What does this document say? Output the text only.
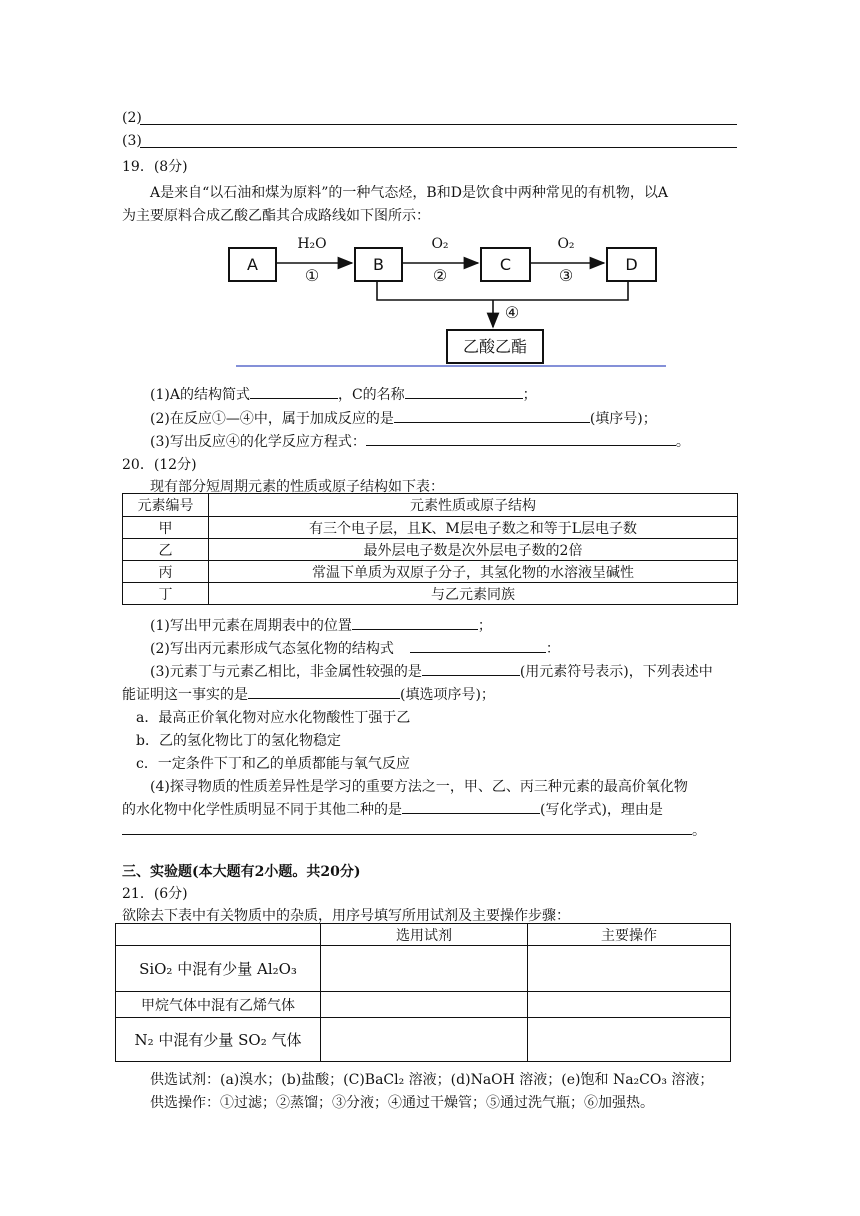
(2)
(3)
19．(8分)
A是来自“以石油和煤为原料”的一种气态烃，B和D是饮食中两种常见的有机物，以A
为主要原料合成乙酸乙酯其合成路线如下图所示：
A	B	C	D
乙酸乙酯
H₂O
①
O₂
②
O₂
③
④
(1)A的结构简式	，C的名称	；
(2)在反应①—④中，属于加成反应的是	(填序号)；
(3)写出反应④的化学反应方程式：	。
20．(12分)
现有部分短周期元素的性质或原子结构如下表：
元素编号	元素性质或原子结构
甲	有三个电子层，且K、M层电子数之和等于L层电子数
乙	最外层电子数是次外层电子数的2倍
丙	常温下单质为双原子分子，其氢化物的水溶液呈碱性
丁	与乙元素同族
(1)写出甲元素在周期表中的位置	；
(2)写出丙元素形成气态氢化物的结构式	：
(3)元素丁与元素乙相比，非金属性较强的是	(用元素符号表示)，下列表述中
能证明这一事实的是	(填选项序号)；
a．最高正价氧化物对应水化物酸性丁强于乙
b．乙的氢化物比丁的氢化物稳定
c．一定条件下丁和乙的单质都能与氧气反应
(4)探寻物质的性质差异性是学习的重要方法之一，甲、乙、丙三种元素的最高价氧化物
的水化物中化学性质明显不同于其他二种的是	(写化学式)，理由是
。
三、实验题(本大题有2小题。共20分)
21．(6分)
欲除去下表中有关物质中的杂质，用序号填写所用试剂及主要操作步骤：
	选用试剂	主要操作
SiO₂ 中混有少量 Al₂O₃		
甲烷气体中混有乙烯气体		
N₂ 中混有少量 SO₂ 气体		
供选试剂：(a)溴水；(b)盐酸；(C)BaCl₂ 溶液；(d)NaOH 溶液；(e)饱和 Na₂CO₃ 溶液；
供选操作：①过滤；②蒸馏；③分液；④通过干燥管；⑤通过洗气瓶；⑥加强热。
